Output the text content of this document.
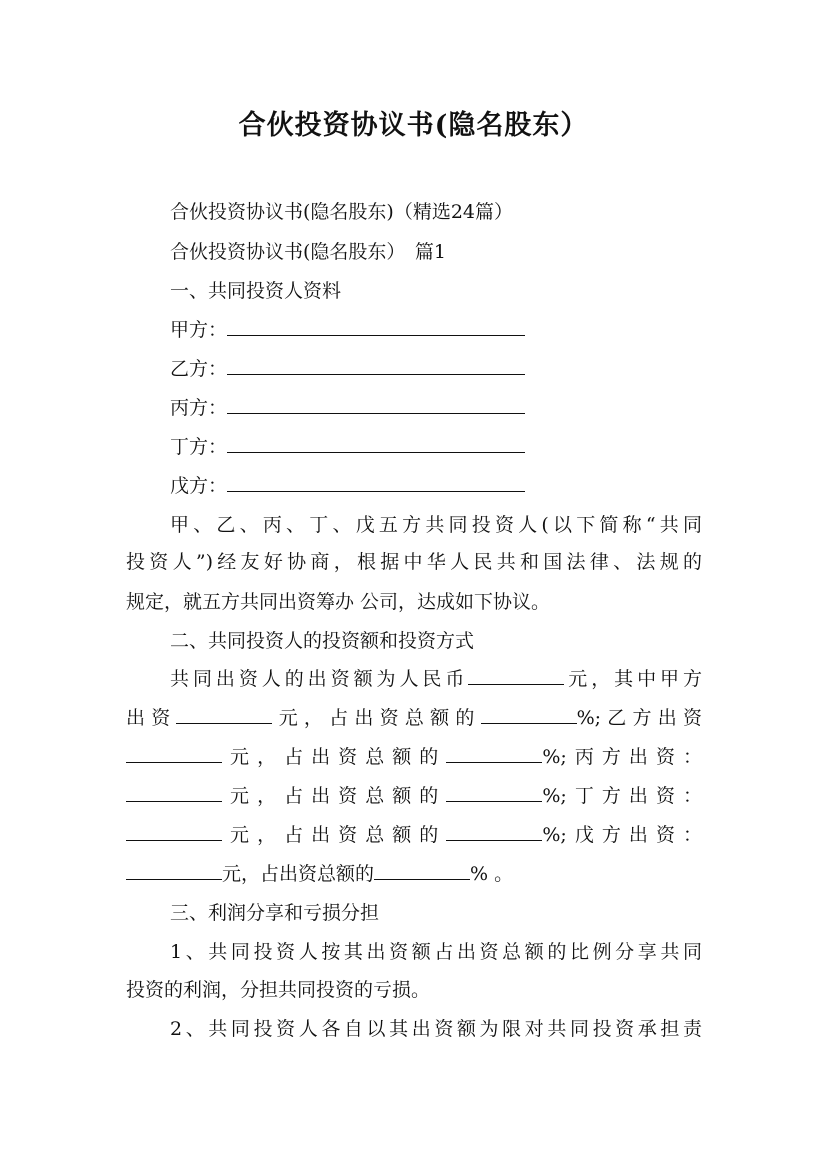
合伙投资协议书(隐名股东）

合伙投资协议书(隐名股东)（精选24篇）

合伙投资协议书(隐名股东）　篇1

一、共同投资人资料

甲方：

乙方：

丙方：

丁方：

戊方：

甲、乙、丙、丁、戊五方共同投资人(以下简称“共同

投资人”)经友好协商，根据中华人民共和国法律、法规的

规定，就五方共同出资筹办 公司，达成如下协议。

二、共同投资人的投资额和投资方式

共同出资人的出资额为人民币	元，其中甲方

出资	元，占出资总额的	%;乙方出资

元，占出资总额的	%;丙方出资：

元，占出资总额的	%;丁方出资：

元，占出资总额的	%;戊方出资：

元，占出资总额的	% 。

三、利润分享和亏损分担

1、共同投资人按其出资额占出资总额的比例分享共同

投资的利润，分担共同投资的亏损。

2、共同投资人各自以其出资额为限对共同投资承担责
